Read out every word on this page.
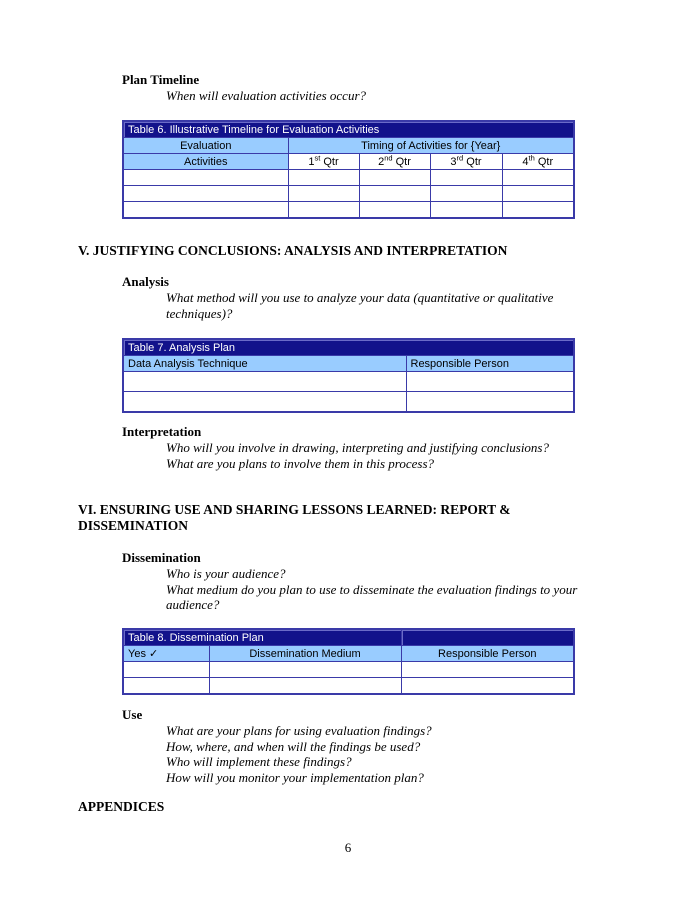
Plan Timeline
When will evaluation activities occur?
Table 6. Illustrative Timeline for Evaluation Activities				
Evaluation	Timing of Activities for {Year}			
Activities	1st Qtr	2nd Qtr	3rd Qtr	4th Qtr

V. JUSTIFYING CONCLUSIONS: ANALYSIS AND INTERPRETATION
Analysis
What method will you use to analyze your data (quantitative or qualitative
techniques)?
Table 7. Analysis Plan	
Data Analysis Technique	Responsible Person

Interpretation
Who will you involve in drawing, interpreting and justifying conclusions?
What are you plans to involve them in this process?
VI. ENSURING USE AND SHARING LESSONS LEARNED: REPORT &
DISSEMINATION
Dissemination
Who is your audience?
What medium do you plan to use to disseminate the evaluation findings to your
audience?
Table 8. Dissemination Plan		
Yes ✓	Dissemination Medium	Responsible Person

Use
What are your plans for using evaluation findings?
How, where, and when will the findings be used?
Who will implement these findings?
How will you monitor your implementation plan?
APPENDICES
6
